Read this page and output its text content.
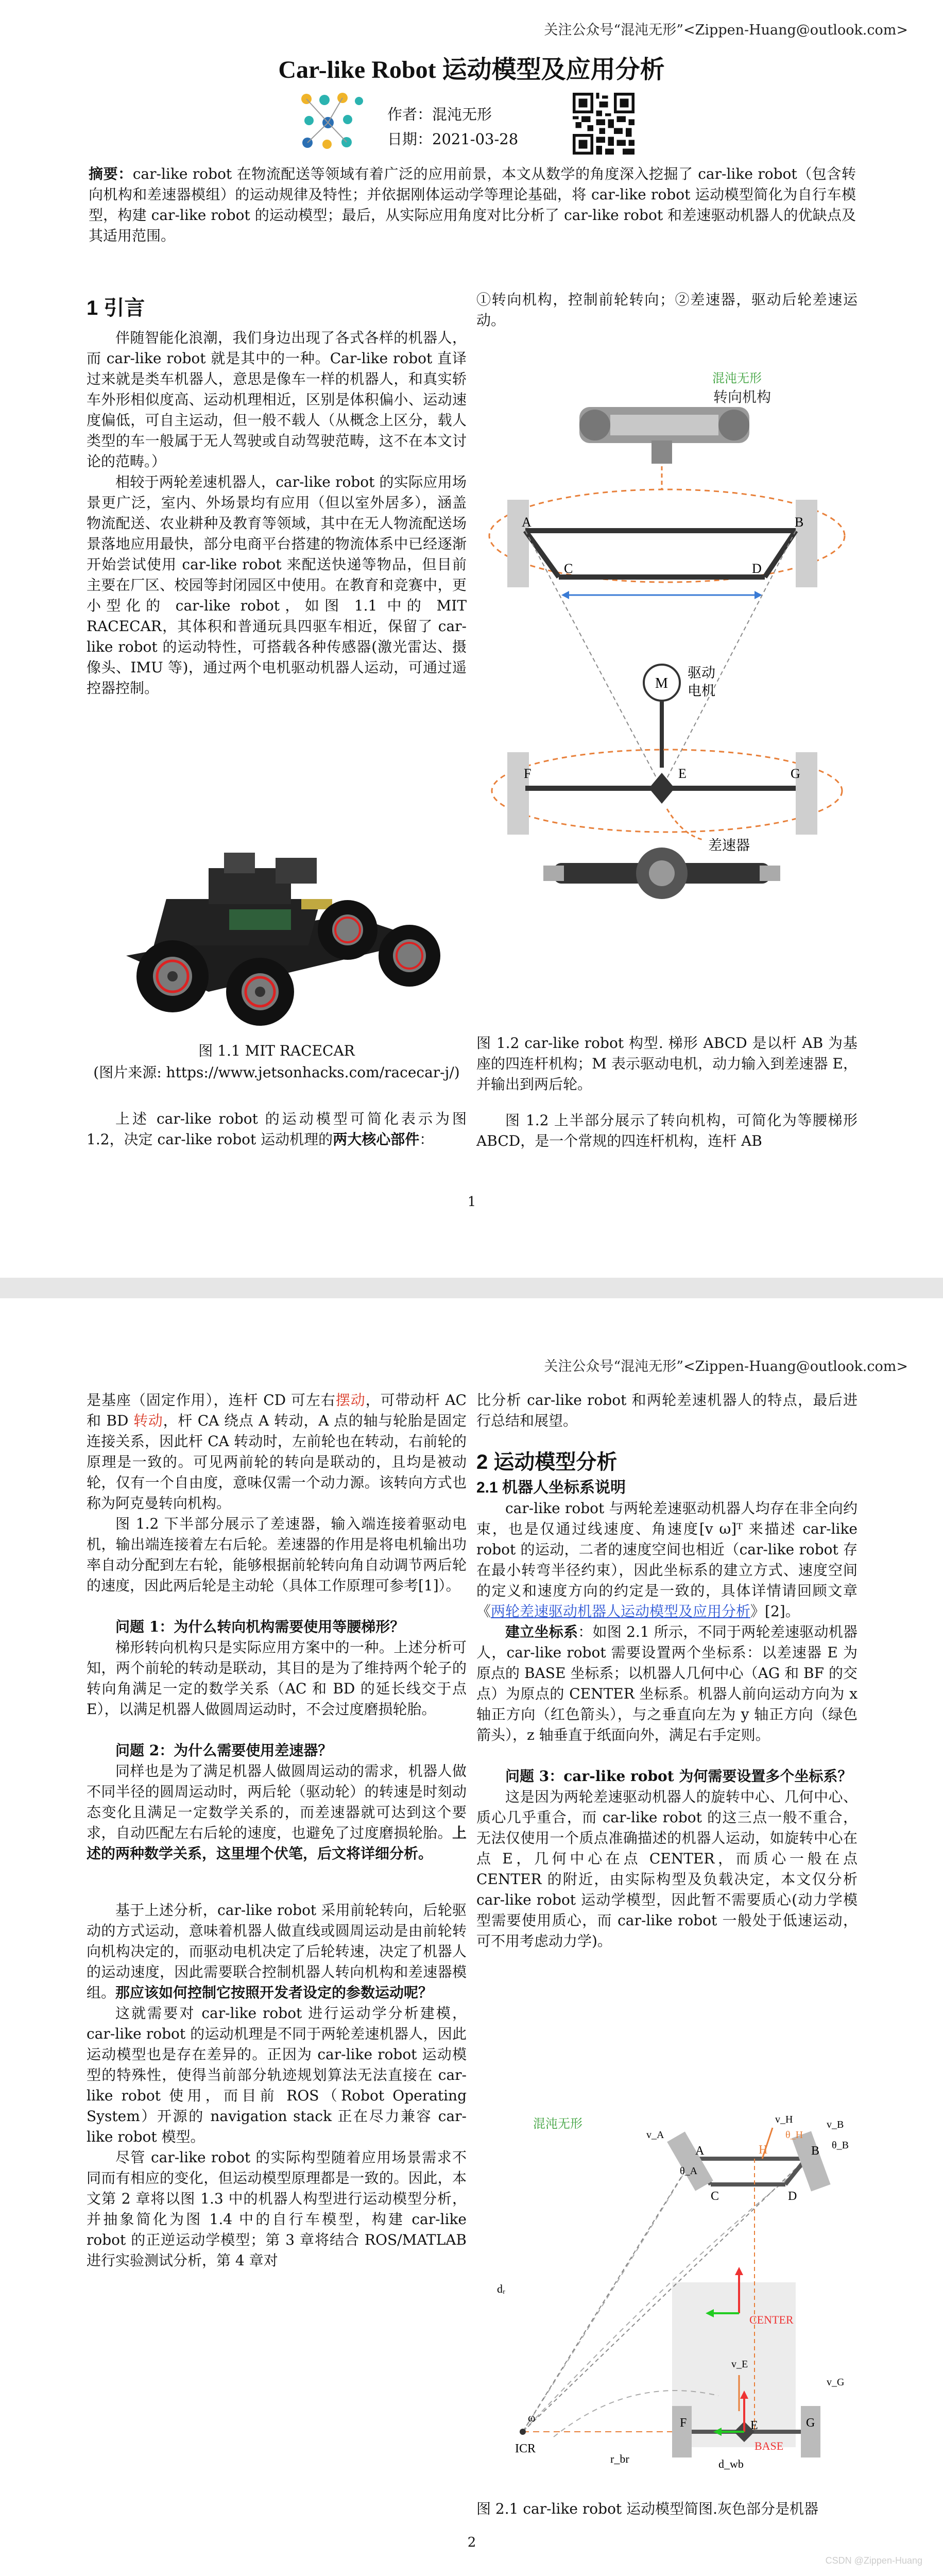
关注公众号“混沌无形”<Zippen-Huang@outlook.com>
Car-like Robot 运动模型及应用分析
作者：混沌无形
日期：2021-03-28
摘要：car-like robot 在物流配送等领域有着广泛的应用前景，本文从数学的角度深入挖掘了 car-like robot（包含转向机构和差速器模组）的运动规律及特性；并依据刚体运动学等理论基础，将 car-like robot 运动模型简化为自行车模型，构建 car-like robot 的运动模型；最后，从实际应用角度对比分析了 car-like robot 和差速驱动机器人的优缺点及其适用范围。
1 引言

伴随智能化浪潮，我们身边出现了各式各样的机器人，而 car-like robot 就是其中的一种。Car-like robot 直译过来就是类车机器人，意思是像车一样的机器人，和真实轿车外形相似度高、运动机理相近，区别是体积偏小、运动速度偏低，可自主运动，但一般不载人（从概念上区分，载人类型的车一般属于无人驾驶或自动驾驶范畴，这不在本文讨论的范畴。）

相较于两轮差速机器人，car-like robot 的实际应用场景更广泛，室内、外场景均有应用（但以室外居多），涵盖物流配送、农业耕种及教育等领域，其中在无人物流配送场景落地应用最快，部分电商平台搭建的物流体系中已经逐渐开始尝试使用 car-like robot 来配送快递等物品，但目前主要在厂区、校园等封闭园区中使用。在教育和竞赛中，更小型化的 car-like robot，如图 1.1 中的 MIT RACECAR，其体积和普通玩具四驱车相近，保留了 car-like robot 的运动特性，可搭载各种传感器(激光雷达、摄像头、IMU 等)，通过两个电机驱动机器人运动，可通过遥控器控制。

图 1.1 MIT RACECAR
(图片来源: https://www.jetsonhacks.com/racecar-j/)

上述 car-like robot 的运动模型可简化表示为图 1.2，决定 car-like robot 运动机理的两大核心部件：

①转向机构，控制前轮转向；②差速器，驱动后轮差速运动。

混沌无形
转向机构
A	B
C	D
M
驱动
电机
F	E	G
差速器

图 1.2 car-like robot 构型. 梯形 ABCD 是以杆 AB 为基座的四连杆机构；M 表示驱动电机，动力输入到差速器 E，并输出到两后轮。

图 1.2 上半部分展示了转向机构，可简化为等腰梯形 ABCD，是一个常规的四连杆机构，连杆 AB

1
关注公众号“混沌无形”<Zippen-Huang@outlook.com>

是基座（固定作用），连杆 CD 可左右摆动，可带动杆 AC 和 BD 转动，杆 CA 绕点 A 转动，A 点的轴与轮胎是固定连接关系，因此杆 CA 转动时，左前轮也在转动，右前轮的原理是一致的。可见两前轮的转向是联动的，且均是被动轮，仅有一个自由度，意味仅需一个动力源。该转向方式也称为阿克曼转向机构。

图 1.2 下半部分展示了差速器，输入端连接着驱动电机，输出端连接着左右后轮。差速器的作用是将电机输出功率自动分配到左右轮，能够根据前轮转向角自动调节两后轮的速度，因此两后轮是主动轮（具体工作原理可参考[1]）。

问题 1：为什么转向机构需要使用等腰梯形？

梯形转向机构只是实际应用方案中的一种。上述分析可知，两个前轮的转动是联动，其目的是为了维持两个轮子的转向角满足一定的数学关系（AC 和 BD 的延长线交于点 E），以满足机器人做圆周运动时，不会过度磨损轮胎。

问题 2：为什么需要使用差速器？

同样也是为了满足机器人做圆周运动的需求，机器人做不同半径的圆周运动时，两后轮（驱动轮）的转速是时刻动态变化且满足一定数学关系的，而差速器就可达到这个要求，自动匹配左右后轮的速度，也避免了过度磨损轮胎。上述的两种数学关系，这里埋个伏笔，后文将详细分析。

基于上述分析，car-like robot 采用前轮转向，后轮驱动的方式运动，意味着机器人做直线或圆周运动是由前轮转向机构决定的，而驱动电机决定了后轮转速，决定了机器人的运动速度，因此需要联合控制机器人转向机构和差速器模组。那应该如何控制它按照开发者设定的参数运动呢？

这就需要对 car-like robot 进行运动学分析建模，car-like robot 的运动机理是不同于两轮差速机器人，因此运动模型也是存在差异的。正因为 car-like robot 运动模型的特殊性，使得当前部分轨迹规划算法无法直接在 car-like robot 使用，而目前 ROS（Robot Operating System）开源的 navigation stack 正在尽力兼容 car-like robot 模型。

尽管 car-like robot 的实际构型随着应用场景需求不同而有相应的变化，但运动模型原理都是一致的。因此，本文第 2 章将以图 1.3 中的机器人构型进行运动模型分析，并抽象简化为图 1.4 中的自行车模型，构建 car-like robot 的正逆运动学模型；第 3 章将结合 ROS/MATLAB 进行实验测试分析，第 4 章对

比分析 car-like robot 和两轮差速机器人的特点，最后进行总结和展望。

2 运动模型分析
2.1 机器人坐标系说明

car-like robot 与两轮差速驱动机器人均存在非全向约束，也是仅通过线速度、角速度[v ω]ᵀ 来描述 car-like robot 的运动，二者的速度空间也相近（car-like robot 存在最小转弯半径约束），因此坐标系的建立方式、速度空间的定义和速度方向的约定是一致的，具体详情请回顾文章《两轮差速驱动机器人运动模型及应用分析》[2]。

建立坐标系：如图 2.1 所示，不同于两轮差速驱动机器人，car-like robot 需要设置两个坐标系：以差速器 E 为原点的 BASE 坐标系；以机器人几何中心（AG 和 BF 的交点）为原点的 CENTER 坐标系。机器人前向运动方向为 x 轴正方向（红色箭头），与之垂直向左为 y 轴正方向（绿色箭头），z 轴垂直于纸面向外，满足右手定则。

问题 3：car-like robot 为何需要设置多个坐标系？

这是因为两轮差速驱动机器人的旋转中心、几何中心、质心几乎重合，而 car-like robot 的这三点一般不重合，无法仅使用一个质点准确描述的机器人运动，如旋转中心在点 E，几何中心在点 CENTER，而质心一般在点 CENTER 的附近，由实际构型及负载决定，本文仅分析 car-like robot 运动学模型，因此暂不需要质心(动力学模型需要使用质心，而 car-like robot 一般处于低速运动，可不用考虑动力学)。

混沌无形
ICR
A	B
C	D
H
F	E	G
CENTER
BASE
dᵣ
d_wb
r_br
v_A
v_B
v_H
v_G
v_E
θ_H
θ_A
θ_B
ω

图 2.1 car-like robot 运动模型简图.灰色部分是机器

2
CSDN @Zippen-Huang
